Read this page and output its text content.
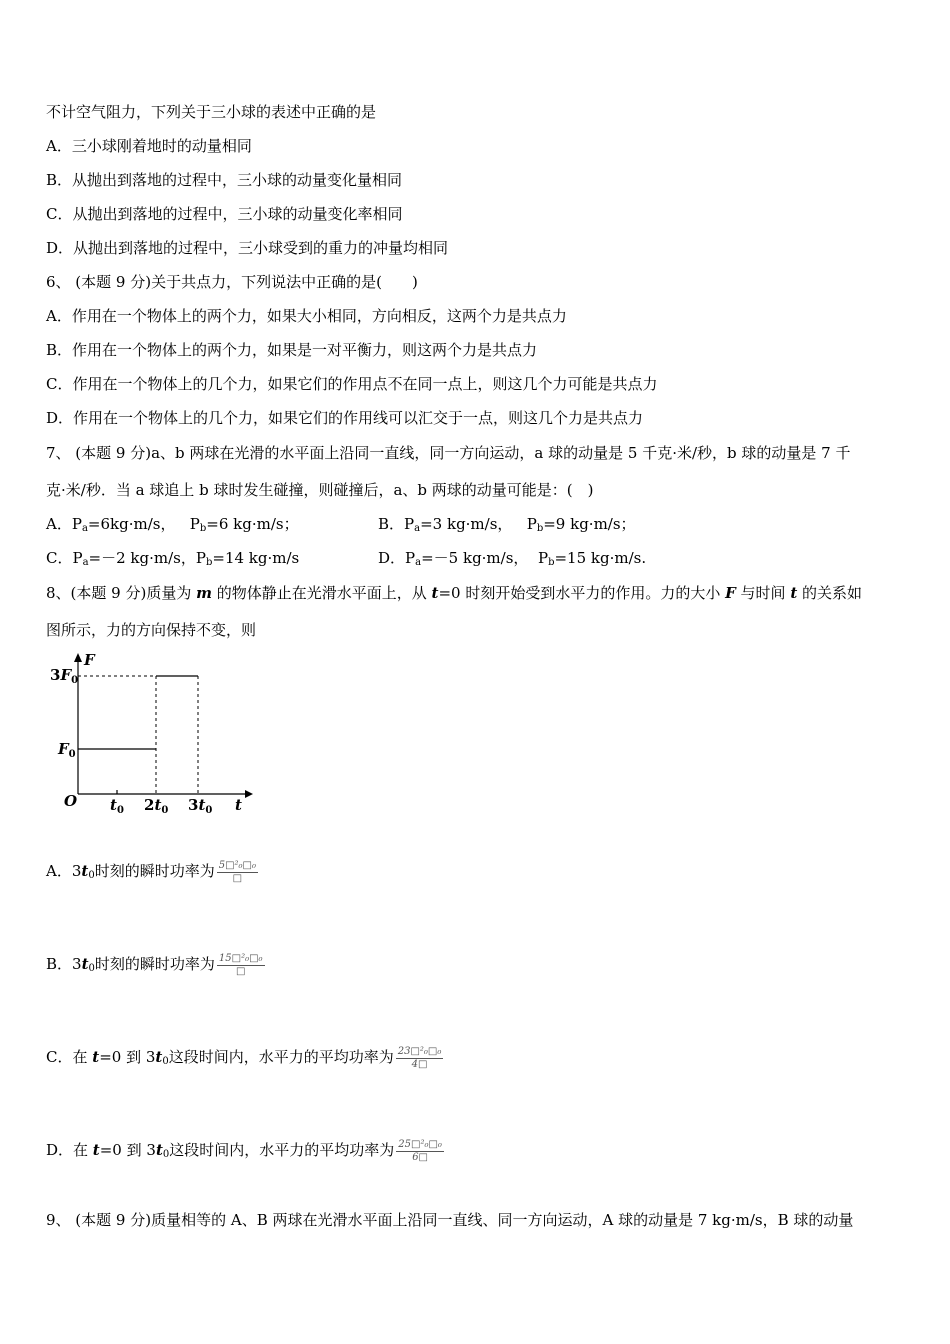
不计空气阻力，下列关于三小球的表述中正确的是
A．三小球刚着地时的动量相同
B．从抛出到落地的过程中，三小球的动量变化量相同
C．从抛出到落地的过程中，三小球的动量变化率相同
D．从抛出到落地的过程中，三小球受到的重力的冲量均相同
6、 (本题 9 分)关于共点力，下列说法中正确的是(　　)
A．作用在一个物体上的两个力，如果大小相同，方向相反，这两个力是共点力
B．作用在一个物体上的两个力，如果是一对平衡力，则这两个力是共点力
C．作用在一个物体上的几个力，如果它们的作用点不在同一点上，则这几个力可能是共点力
D．作用在一个物体上的几个力，如果它们的作用线可以汇交于一点，则这几个力是共点力
7、 (本题 9 分)a、b 两球在光滑的水平面上沿同一直线，同一方向运动，a 球的动量是 5 千克·米/秒，b 球的动量是 7 千
克·米/秒．当 a 球追上 b 球时发生碰撞，则碰撞后，a、b 两球的动量可能是：(　)
A．$P_a=6kg\cdot m/s$， $P_b=6$ kg·m/s；	B．$P_a=3$ kg·m/s， $P_b=9$ kg·m/s；
C．$P_a=-2$ kg·m/s，$P_b=14$ kg·m/s	D．$P_a=-5$ kg·m/s， $P_b=15$ kg·m/s.
8、(本题 9 分)质量为 m 的物体静止在光滑水平面上，从 t=0 时刻开始受到水平力的作用。力的大小 F 与时间 t 的关系如
图所示，力的方向保持不变，则
F
t
O
$3F_0$
$F_0$
$t_0$ $2t_0$ $3t_0$
A．$3t_0$时刻的瞬时功率为 $\frac{\text{5□²₀□₀}}{□}$
B．$3t_0$时刻的瞬时功率为 $\frac{\text{15□²₀□₀}}{□}$
C．在 t=0 到 $3t_0$这段时间内，水平力的平均功率为 $\frac{\text{23□²₀□₀}}{4□}$
D．在 t=0 到 $3t_0$这段时间内，水平力的平均功率为 $\frac{\text{25□²₀□₀}}{6□}$
9、 (本题 9 分)质量相等的 A、B 两球在光滑水平面上沿同一直线、同一方向运动，A 球的动量是 7 kg·m/s，B 球的动量
